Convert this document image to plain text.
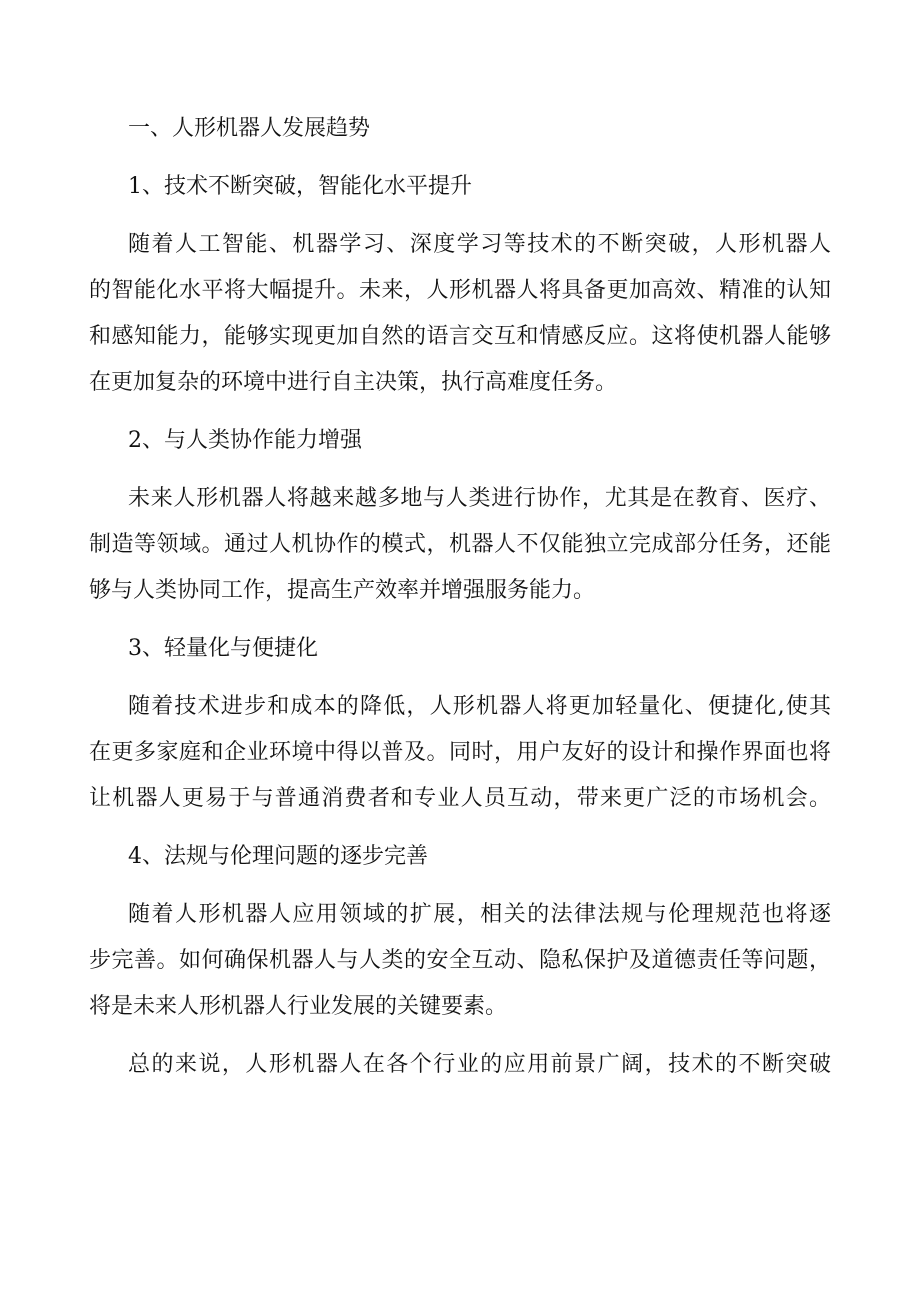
一、人形机器人发展趋势
1、技术不断突破，智能化水平提升
随着人工智能、机器学习、深度学习等技术的不断突破，人形机器人
的智能化水平将大幅提升。未来，人形机器人将具备更加高效、精准的认知
和感知能力，能够实现更加自然的语言交互和情感反应。这将使机器人能够
在更加复杂的环境中进行自主决策，执行高难度任务。
2、与人类协作能力增强
未来人形机器人将越来越多地与人类进行协作，尤其是在教育、医疗、
制造等领域。通过人机协作的模式，机器人不仅能独立完成部分任务，还能
够与人类协同工作，提高生产效率并增强服务能力。
3、轻量化与便捷化
随着技术进步和成本的降低，人形机器人将更加轻量化、便捷化,使其
在更多家庭和企业环境中得以普及。同时，用户友好的设计和操作界面也将
让机器人更易于与普通消费者和专业人员互动，带来更广泛的市场机会。
4、法规与伦理问题的逐步完善
随着人形机器人应用领域的扩展，相关的法律法规与伦理规范也将逐
步完善。如何确保机器人与人类的安全互动、隐私保护及道德责任等问题，
将是未来人形机器人行业发展的关键要素。
总的来说，人形机器人在各个行业的应用前景广阔，技术的不断突破
